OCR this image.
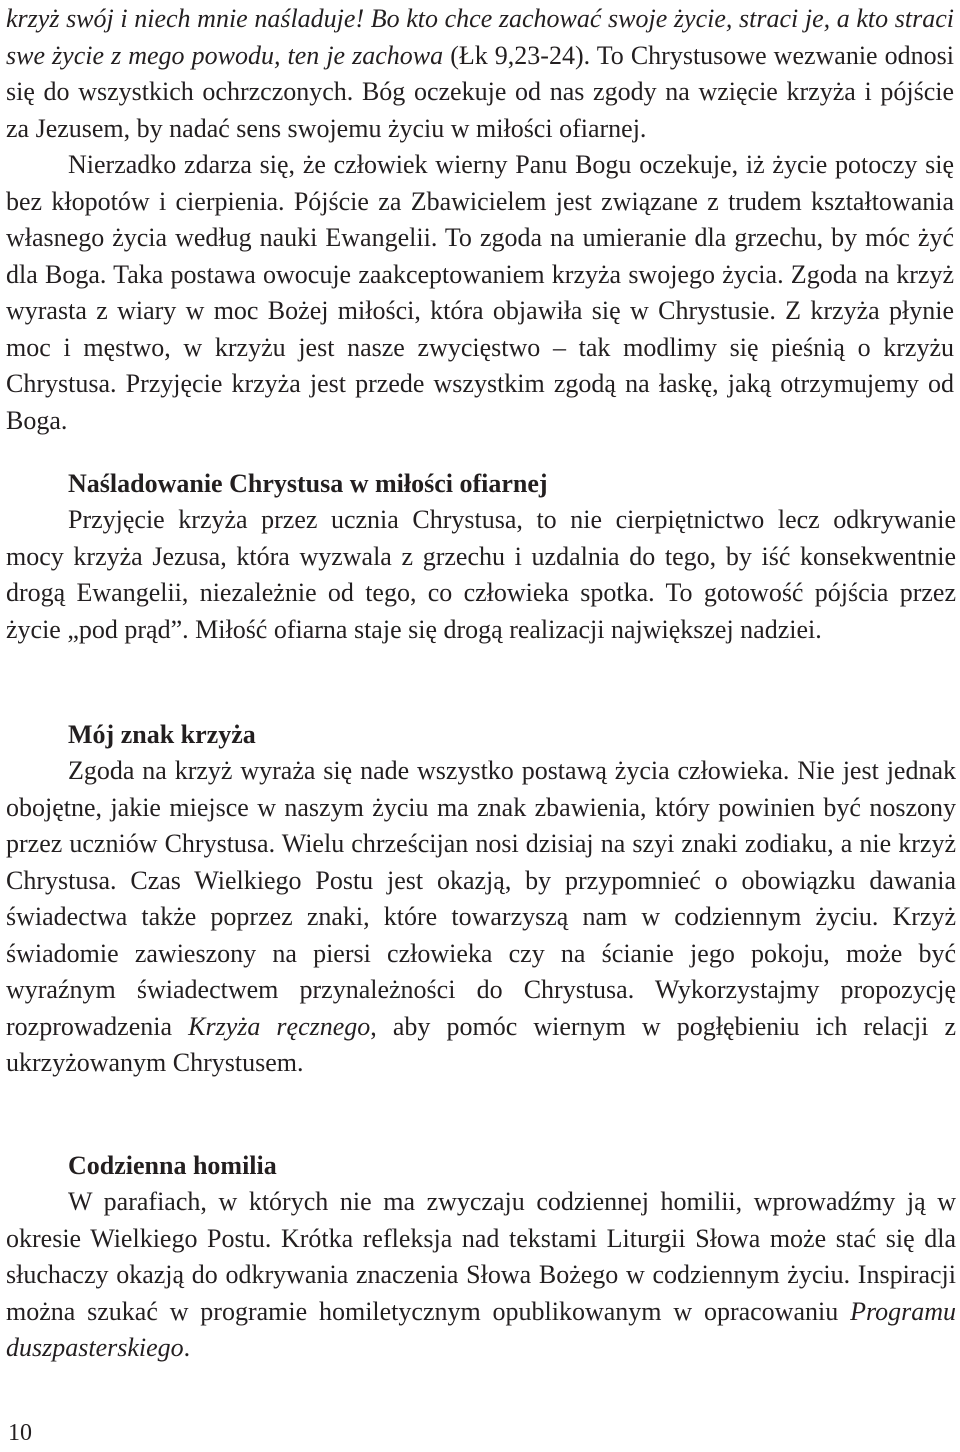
krzyż swój i niech mnie naśladuje! Bo kto chce zachować swoje życie, straci je, a kto straci swe życie z mego powodu, ten je zachowa (Łk 9,23-24). To Chrystusowe wezwanie odnosi się do wszystkich ochrzczonych. Bóg oczekuje od nas zgody na wzięcie krzyża i pójście za Jezusem, by nadać sens swojemu życiu w miłości ofiarnej.

Nierzadko zdarza się, że człowiek wierny Panu Bogu oczekuje, iż życie potoczy się bez kłopotów i cierpienia. Pójście za Zbawicielem jest związane z trudem kształtowania własnego życia według nauki Ewangelii. To zgoda na umieranie dla grzechu, by móc żyć dla Boga. Taka postawa owocuje zaakceptowaniem krzyża swojego życia. Zgoda na krzyż wyrasta z wiary w moc Bożej miłości, która objawiła się w Chrystusie. Z krzyża płynie moc i męstwo, w krzyżu jest nasze zwycięstwo – tak modlimy się pieśnią o krzyżu Chrystusa. Przyjęcie krzyża jest przede wszystkim zgodą na łaskę, jaką otrzymujemy od Boga.

Naśladowanie Chrystusa w miłości ofiarnej

Przyjęcie krzyża przez ucznia Chrystusa, to nie cierpiętnictwo lecz odkrywanie mocy krzyża Jezusa, która wyzwala z grzechu i uzdalnia do tego, by iść konsekwentnie drogą Ewangelii, niezależnie od tego, co człowieka spotka. To gotowość pójścia przez życie „pod prąd”. Miłość ofiarna staje się drogą realizacji największej nadziei.

Mój znak krzyża

Zgoda na krzyż wyraża się nade wszystko postawą życia człowieka. Nie jest jednak obojętne, jakie miejsce w naszym życiu ma znak zbawienia, który powinien być noszony przez uczniów Chrystusa. Wielu chrześcijan nosi dzisiaj na szyi znaki zodiaku, a nie krzyż Chrystusa. Czas Wielkiego Postu jest okazją, by przypomnieć o obowiązku dawania świadectwa także poprzez znaki, które towarzyszą nam w codziennym życiu. Krzyż świadomie zawieszony na piersi człowieka czy na ścianie jego pokoju, może być wyraźnym świadectwem przynależności do Chrystusa. Wykorzystajmy propozycję rozprowadzenia Krzyża ręcznego, aby pomóc wiernym w pogłębieniu ich relacji z ukrzyżowanym Chrystusem.

Codzienna homilia

W parafiach, w których nie ma zwyczaju codziennej homilii, wprowadźmy ją w okresie Wielkiego Postu. Krótka refleksja nad tekstami Liturgii Słowa może stać się dla słuchaczy okazją do odkrywania znaczenia Słowa Bożego w codziennym życiu. Inspiracji można szukać w programie homiletycznym opublikowanym w opracowaniu Programu duszpasterskiego.

10
